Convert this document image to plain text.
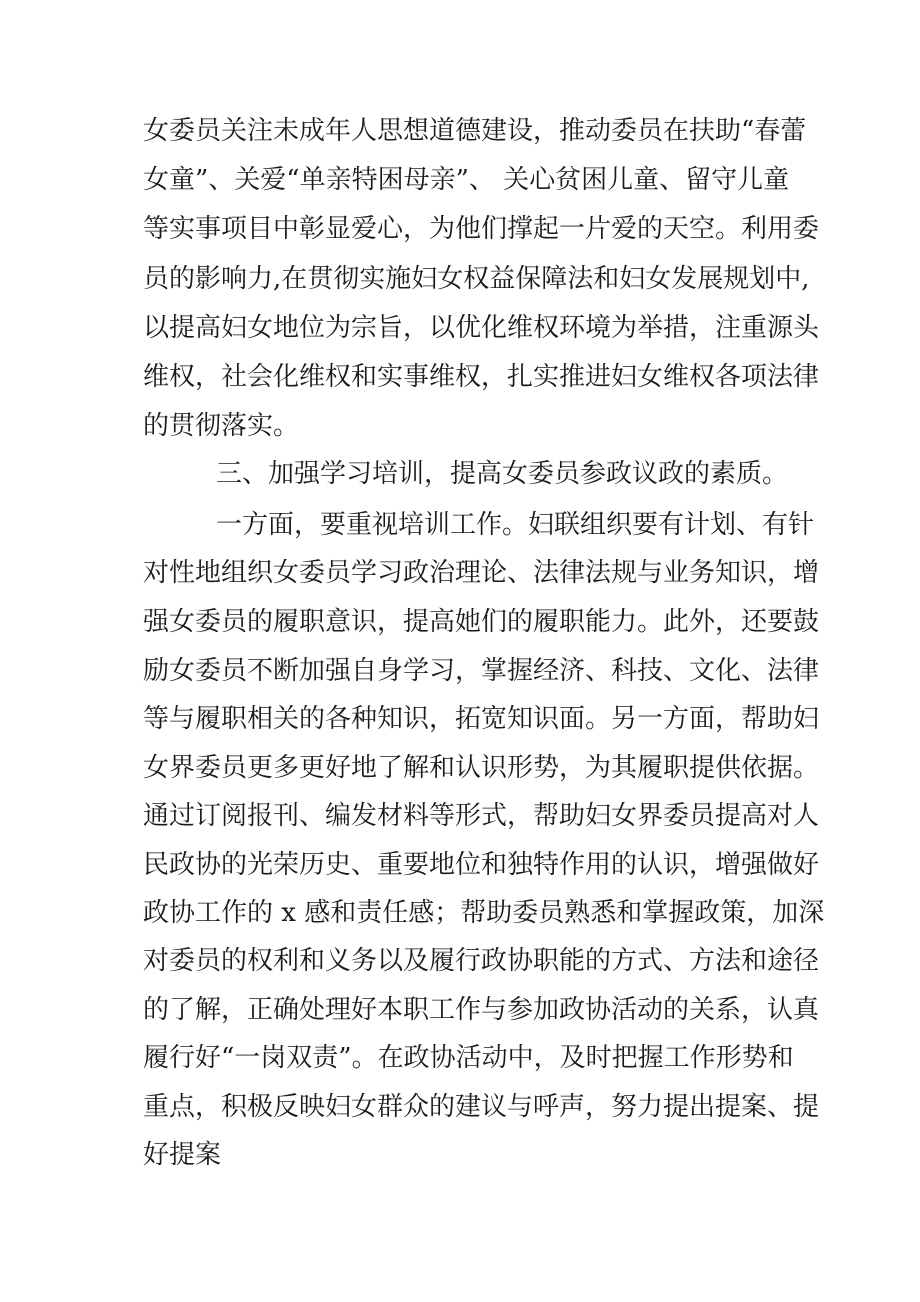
女委员关注未成年人思想道德建设，推动委员在扶助“春蕾

女童”、关爱“单亲特困母亲”、 关心贫困儿童、留守儿童

等实事项目中彰显爱心，为他们撑起一片爱的天空。利用委

员的影响力,在贯彻实施妇女权益保障法和妇女发展规划中,

以提高妇女地位为宗旨，以优化维权环境为举措，注重源头

维权，社会化维权和实事维权，扎实推进妇女维权各项法律

的贯彻落实。

三、加强学习培训，提高女委员参政议政的素质。

一方面，要重视培训工作。妇联组织要有计划、有针

对性地组织女委员学习政治理论、法律法规与业务知识，增

强女委员的履职意识，提高她们的履职能力。此外，还要鼓

励女委员不断加强自身学习，掌握经济、科技、文化、法律

等与履职相关的各种知识，拓宽知识面。另一方面，帮助妇

女界委员更多更好地了解和认识形势，为其履职提供依据。

通过订阅报刊、编发材料等形式，帮助妇女界委员提高对人

民政协的光荣历史、重要地位和独特作用的认识，增强做好

政协工作的 x 感和责任感；帮助委员熟悉和掌握政策，加深

对委员的权利和义务以及履行政协职能的方式、方法和途径

的了解，正确处理好本职工作与参加政协活动的关系，认真

履行好“一岗双责”。在政协活动中，及时把握工作形势和

重点，积极反映妇女群众的建议与呼声，努力提出提案、提

好提案
